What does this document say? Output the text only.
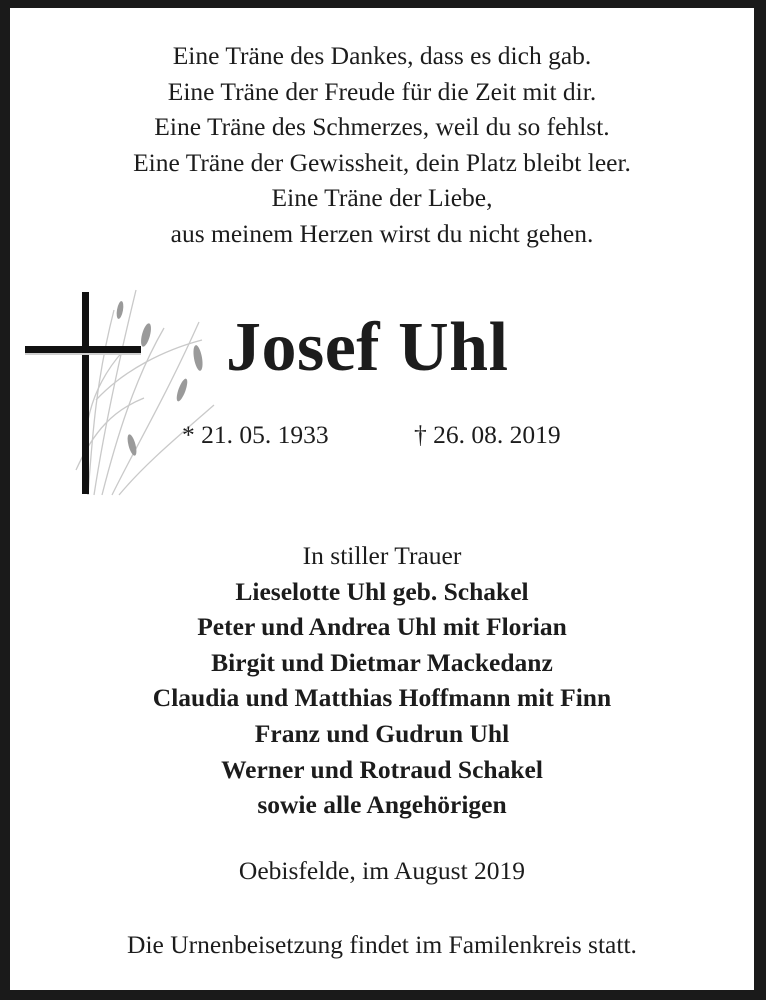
Eine Träne des Dankes, dass es dich gab.
Eine Träne der Freude für die Zeit mit dir.
Eine Träne des Schmerzes, weil du so fehlst.
Eine Träne der Gewissheit, dein Platz bleibt leer.
Eine Träne der Liebe,
aus meinem Herzen wirst du nicht gehen.
Josef Uhl
* 21. 05. 1933	† 26. 08. 2019
In stiller Trauer
Lieselotte Uhl geb. Schakel
Peter und Andrea Uhl mit Florian
Birgit und Dietmar Mackedanz
Claudia und Matthias Hoffmann mit Finn
Franz und Gudrun Uhl
Werner und Rotraud Schakel
sowie alle Angehörigen
Oebisfelde, im August 2019
Die Urnenbeisetzung findet im Familenkreis statt.
